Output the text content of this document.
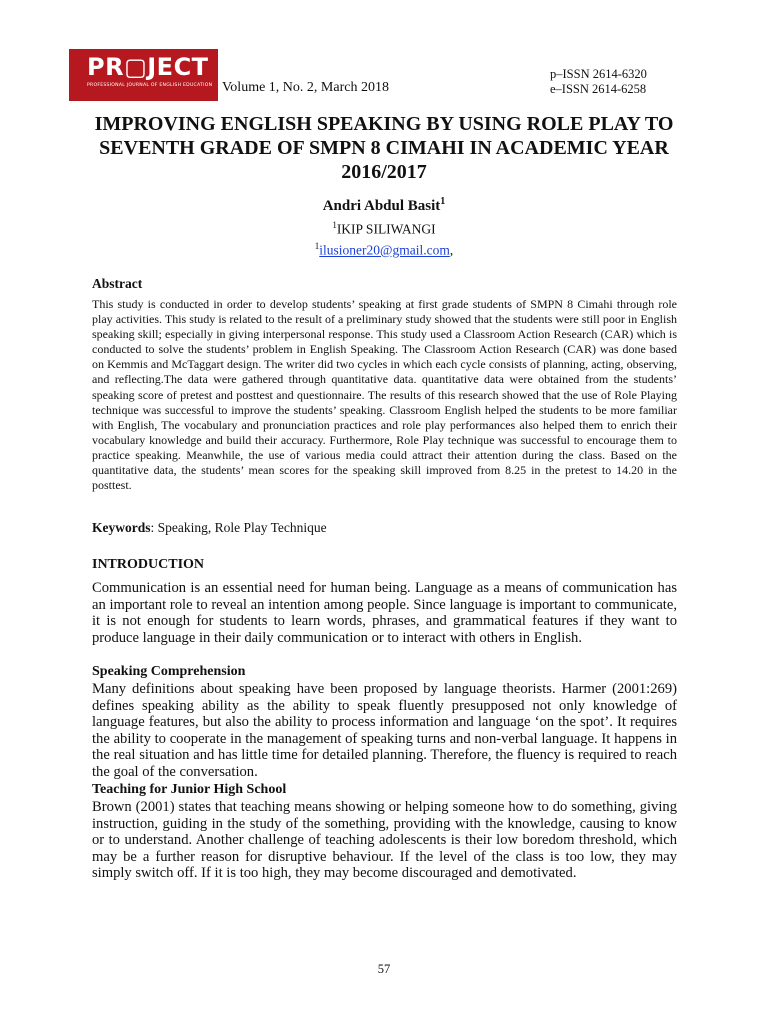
PR▢JECT
PROFESSIONAL JOURNAL OF ENGLISH EDUCATION Volume 1, No. 2, March 2018
p–ISSN 2614-6320
e–ISSN 2614-6258
IMPROVING ENGLISH SPEAKING BY USING ROLE PLAY TO SEVENTH GRADE OF SMPN 8 CIMAHI IN ACADEMIC YEAR 2016/2017
Andri Abdul Basit$^1$
$^1$IKIP SILIWANGI
$^1$ilusioner20@gmail.com,
Abstract

This study is conducted in order to develop students’ speaking at first grade students of SMPN 8 Cimahi through role play activities. This study is related to the result of a preliminary study showed that the students were still poor in English speaking skill; especially in giving interpersonal response. This study used a Classroom Action Research (CAR) which is conducted to solve the students’ problem in English Speaking. The Classroom Action Research (CAR) was done based on Kemmis and McTaggart design. The writer did two cycles in which each cycle consists of planning, acting, observing, and reflecting.The data were gathered through quantitative data. quantitative data were obtained from the students’ speaking score of pretest and posttest and questionnaire. The results of this research showed that the use of Role Playing technique was successful to improve the students’ speaking. Classroom English helped the students to be more familiar with English, The vocabulary and pronunciation practices and role play performances also helped them to enrich their vocabulary knowledge and build their accuracy. Furthermore, Role Play technique was successful to encourage them to practice speaking. Meanwhile, the use of various media could attract their attention during the class. Based on the quantitative data, the students’ mean scores for the speaking skill improved from 8.25 in the pretest to 14.20 in the posttest.

Keywords: Speaking, Role Play Technique
INTRODUCTION

Communication is an essential need for human being. Language as a means of communication has an important role to reveal an intention among people. Since language is important to communicate, it is not enough for students to learn words, phrases, and grammatical features if they want to produce language in their daily communication or to interact with others in English.

Speaking Comprehension

Many definitions about speaking have been proposed by language theorists. Harmer (2001:269) defines speaking ability as the ability to speak fluently presupposed not only knowledge of language features, but also the ability to process information and language ‘on the spot’. It requires the ability to cooperate in the management of speaking turns and non-verbal language. It happens in the real situation and has little time for detailed planning. Therefore, the fluency is required to reach the goal of the conversation.

Teaching for Junior High School

Brown (2001) states that teaching means showing or helping someone how to do something, giving instruction, guiding in the study of the something, providing with the knowledge, causing to know or to understand. Another challenge of teaching adolescents is their low boredom threshold, which may be a further reason for disruptive behaviour. If the level of the class is too low, they may simply switch off. If it is too high, they may become discouraged and demotivated.

57
